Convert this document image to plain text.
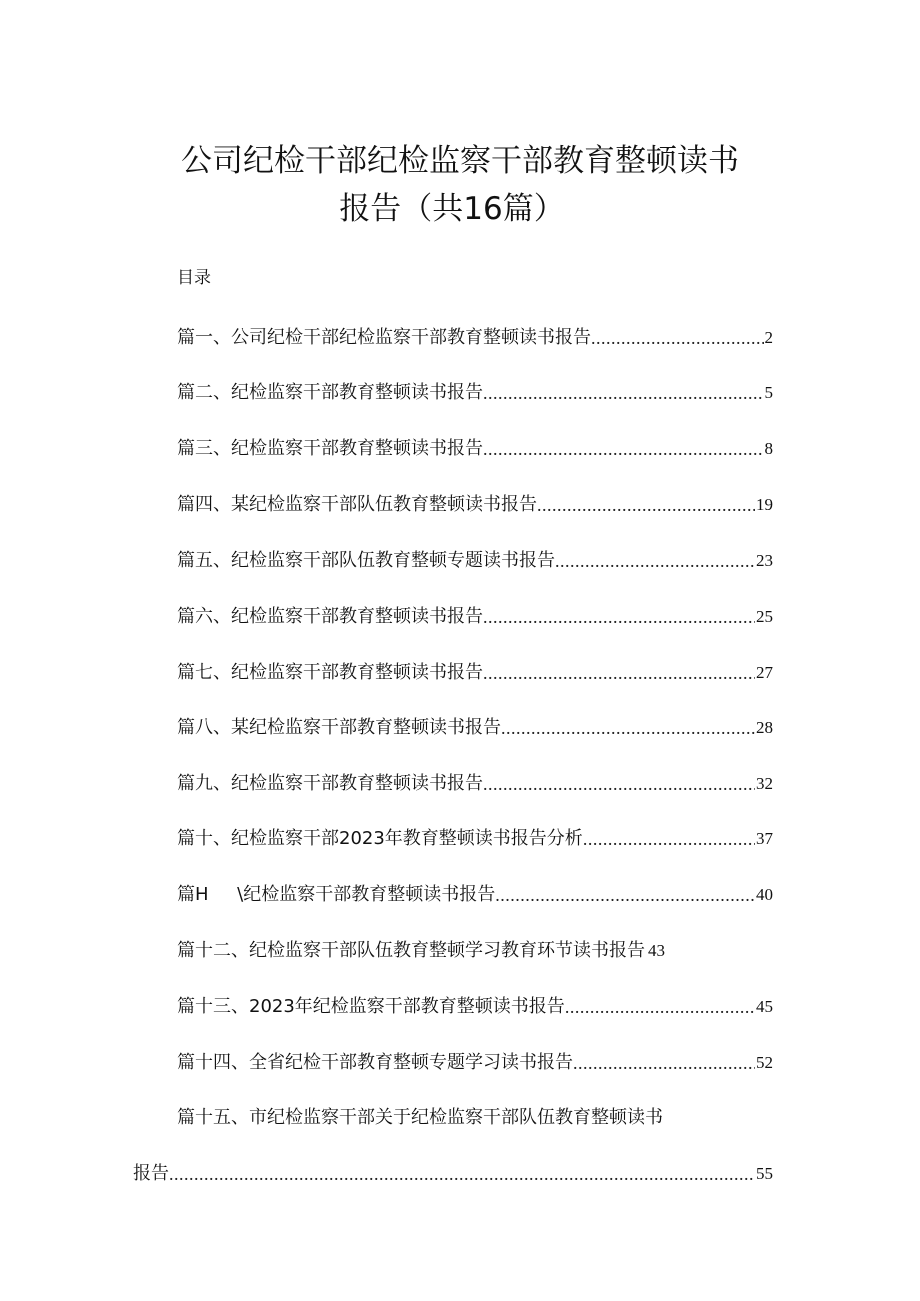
公司纪检干部纪检监察干部教育整顿读书
报告（共16篇）
目录
篇一、公司纪检干部纪检监察干部教育整顿读书报告 .....	2
篇二、纪检监察干部教育整顿读书报告 .....	5
篇三、纪检监察干部教育整顿读书报告 .....	8
篇四、某纪检监察干部队伍教育整顿读书报告 .....	19
篇五、纪检监察干部队伍教育整顿专题读书报告 .....	23
篇六、纪检监察干部教育整顿读书报告 .....	25
篇七、纪检监察干部教育整顿读书报告 .....	27
篇八、某纪检监察干部教育整顿读书报告 .....	28
篇九、纪检监察干部教育整顿读书报告 .....	32
篇十、纪检监察干部2023年教育整顿读书报告分析 .....	37
篇H     \纪检监察干部教育整顿读书报告 .....	40
篇十二、纪检监察干部队伍教育整顿学习教育环节读书报告 43
篇十三、2023年纪检监察干部教育整顿读书报告 .....	45
篇十四、全省纪检干部教育整顿专题学习读书报告 .....	52
篇十五、市纪检监察干部关于纪检监察干部队伍教育整顿读书
报告 .....	55
